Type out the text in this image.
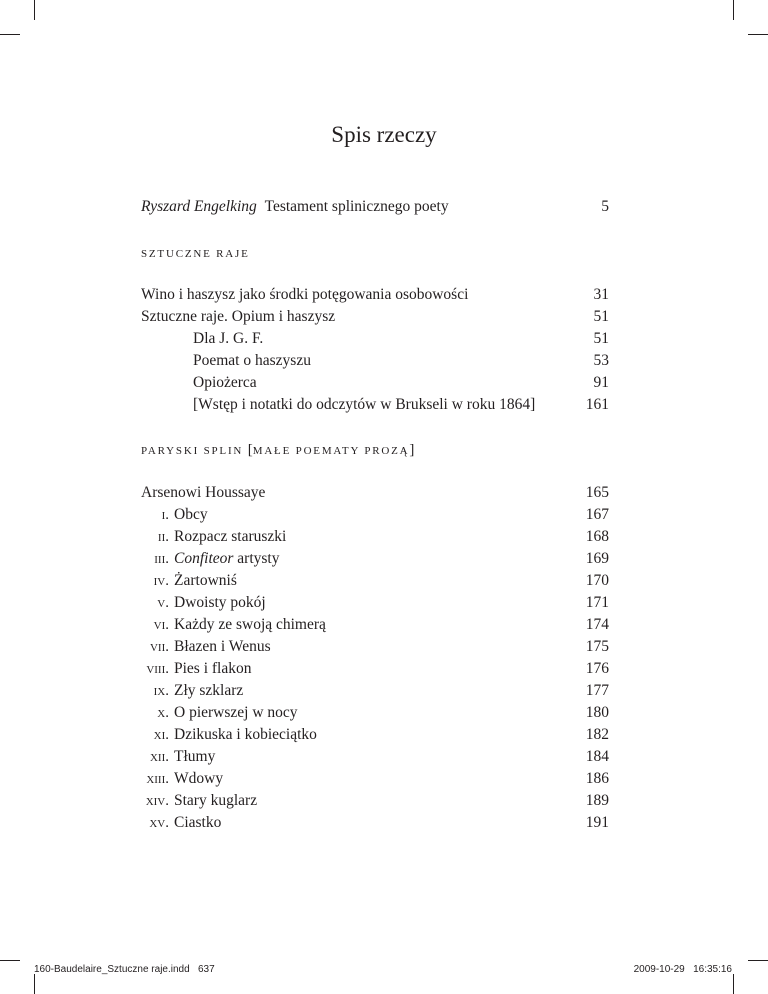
Spis rzeczy
Ryszard Engelking Testament splinicznego poety	5
SZTUCZNE RAJE
Wino i haszysz jako środki potęgowania osobowości	31
Sztuczne raje. Opium i haszysz	51
Dla J. G. F.	51
Poemat o haszyszu	53
Opiożerca	91
[Wstęp i notatki do odczytów w Brukseli w roku 1864]	161
PARYSKI SPLIN [MAŁE POEMATY PROZĄ]
Arsenowi Houssaye	165
i. Obcy	167
ii. Rozpacz staruszki	168
iii. Confiteor artysty	169
iv. Żartowniś	170
v. Dwoisty pokój	171
vi. Każdy ze swoją chimerą	174
vii. Błazen i Wenus	175
viii. Pies i flakon	176
ix. Zły szklarz	177
x. O pierwszej w nocy	180
xi. Dzikuska i kobieciątko	182
xii. Tłumy	184
xiii. Wdowy	186
xiv. Stary kuglarz	189
xv. Ciastko	191
160-Baudelaire_Sztuczne raje.indd   637	2009-10-29   16:35:16
